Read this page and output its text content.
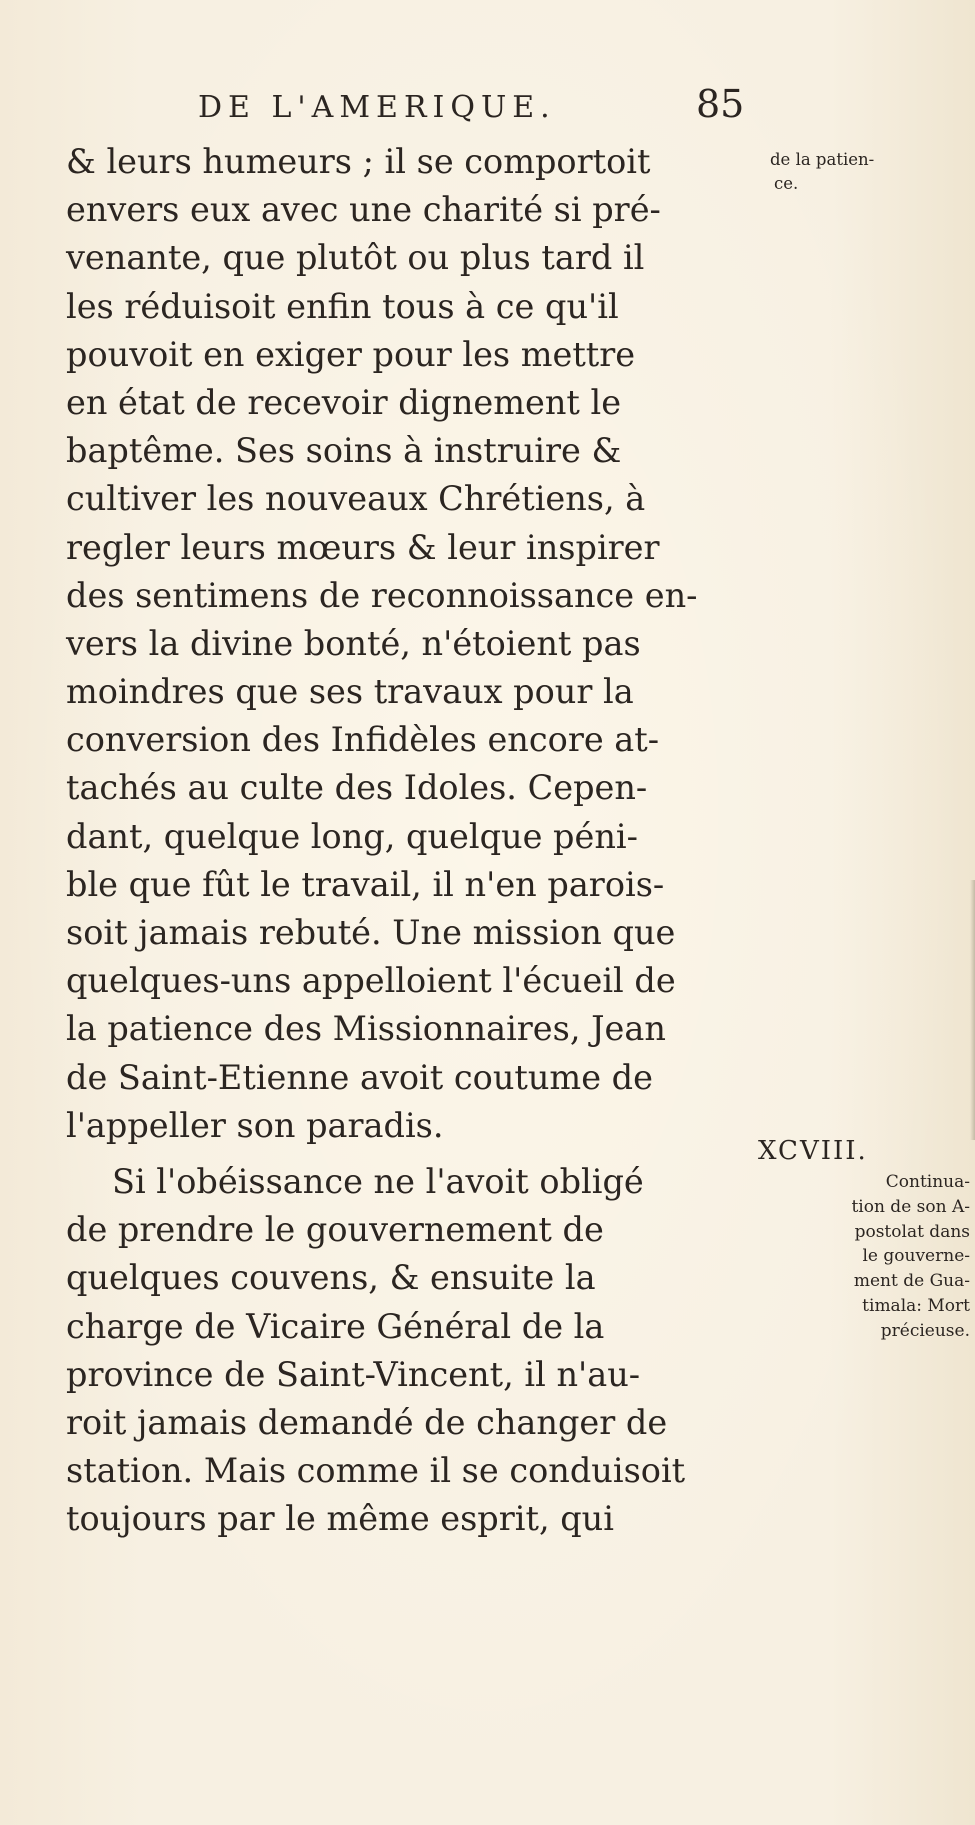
DE L'AMERIQUE.	85
& leurs humeurs ; il se comportoit
envers eux avec une charité si pré-
venante, que plutôt ou plus tard il
les réduisoit enfin tous à ce qu'il
pouvoit en exiger pour les mettre
en état de recevoir dignement le
baptême. Ses soins à instruire &
cultiver les nouveaux Chrétiens, à
regler leurs mœurs & leur inspirer
des sentimens de reconnoissance en-
vers la divine bonté, n'étoient pas
moindres que ses travaux pour la
conversion des Infidèles encore at-
tachés au culte des Idoles. Cepen-
dant, quelque long, quelque péni-
ble que fût le travail, il n'en parois-
soit jamais rebuté. Une mission que
quelques-uns appelloient l'écueil de
la patience des Missionnaires, Jean
de Saint-Etienne avoit coutume de
l'appeller son paradis.
Si l'obéissance ne l'avoit obligé
de prendre le gouvernement de
quelques couvens, & ensuite la
charge de Vicaire Général de la
province de Saint-Vincent, il n'au-
roit jamais demandé de changer de
station. Mais comme il se conduisoit
toujours par le même esprit, qui
de la patien-
ce.
XCVIII.
Continua-
tion de son A-
postolat dans
le gouverne-
ment de Gua-
timala: Mort
précieuse.
